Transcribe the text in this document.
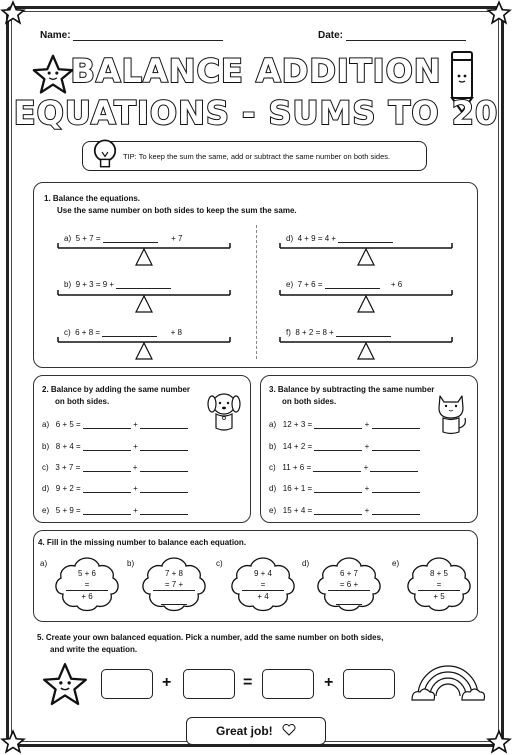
Name:	Date:
BALANCE ADDITION
EQUATIONS - SUMS TO 20
TIP: To keep the sum the same, add or subtract the same number on both sides.
1. Balance the equations.
Use the same number on both sides to keep the sum the same.
a) 5 + 7 =	+ 7
b) 9 + 3 = 9 +
c) 6 + 8 =	+ 8
d) 4 + 9 = 4 +
e) 7 + 6 =	+ 6
f) 8 + 2 = 8 +
2. Balance by adding the same number
on both sides.
a) 6 + 5 =	+
b) 8 + 4 =	+
c) 3 + 7 =	+
d) 9 + 2 =	+
e) 5 + 9 =	+
3. Balance by subtracting the same number
on both sides.
a) 12 + 3 =	+
b) 14 + 2 =	+
c) 11 + 6 =	+
d) 16 + 1 =	+
e) 15 + 4 =	+
4. Fill in the missing number to balance each equation.
a)
5 + 6
=
+ 6
b)
7 + 8
= 7 +

c)
9 + 4
=
+ 4
d)
6 + 7
= 6 +

e)
8 + 5
=
+ 5
5. Create your own balanced equation. Pick a number, add the same number on both sides,
and write the equation.
+	=	+
Great job!
